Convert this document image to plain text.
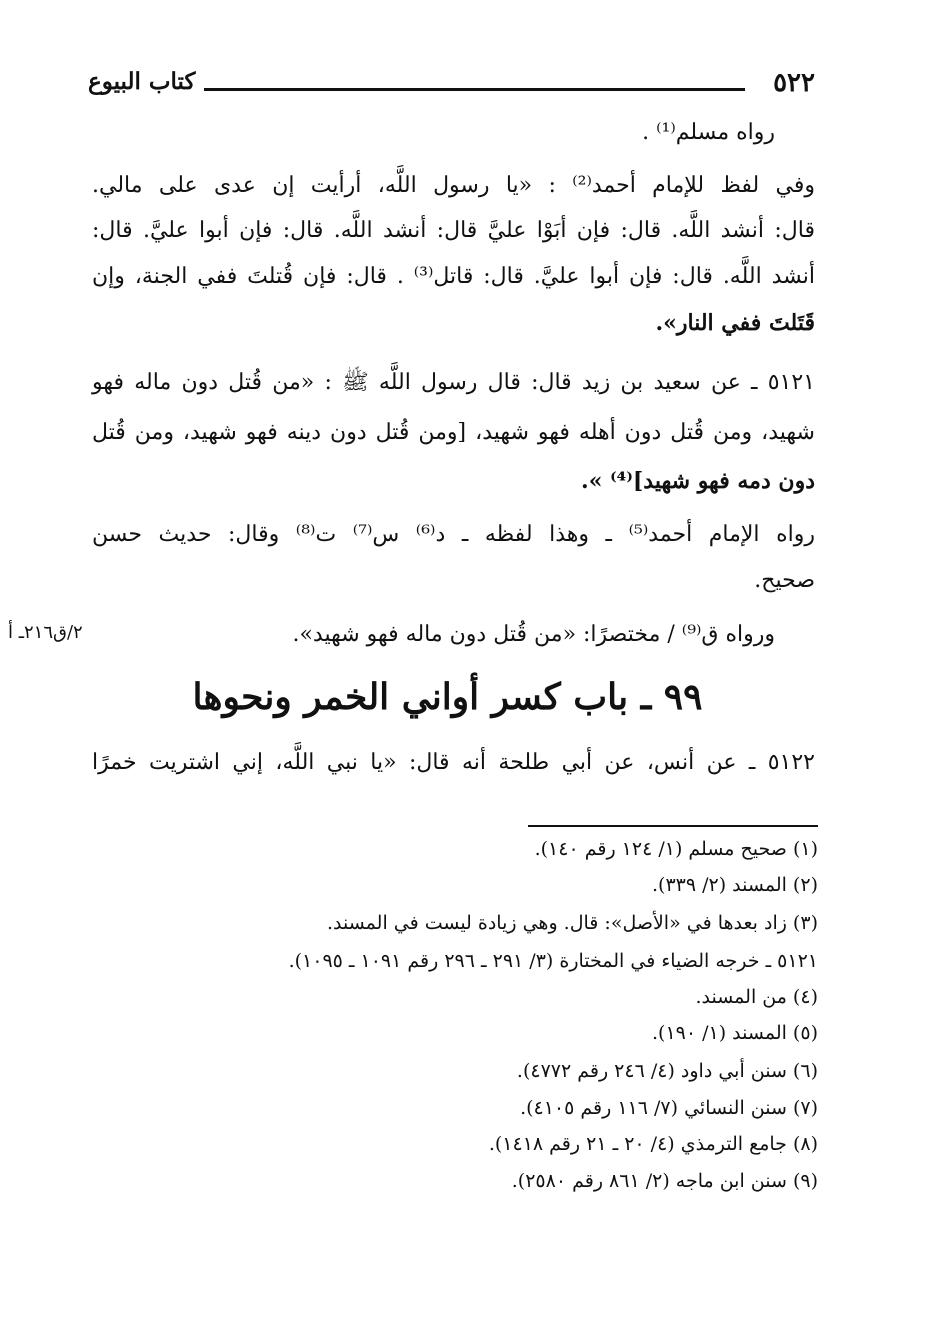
٥٢٢
كتاب البيوع
رواه مسلم⁽¹⁾ .
وفي لفظ للإمام أحمد⁽²⁾ : «يا رسول اللَّه، أرأيت إن عدى على مالي.
قال: أنشد اللَّه. قال: فإن أبَوْا عليَّ قال: أنشد اللَّه. قال: فإن أبوا عليَّ. قال:
أنشد اللَّه. قال: فإن أبوا عليَّ. قال: قاتل⁽³⁾ . قال: فإن قُتلتَ ففي الجنة، وإن
قَتَلتَ ففي النار».
٥١٢١ ـ عن سعيد بن زيد قال: قال رسول اللَّه ﷺ : «من قُتل دون ماله فهو
شهيد، ومن قُتل دون أهله فهو شهيد، [ومن قُتل دون دينه فهو شهيد، ومن قُتل
دون دمه فهو شهيد]⁽⁴⁾ ».
رواه الإمام أحمد⁽⁵⁾ ـ وهذا لفظه ـ د⁽⁶⁾ س⁽⁷⁾ ت⁽⁸⁾ وقال: حديث حسن
صحيح.
ورواه ق⁽⁹⁾ / مختصرًا: «من قُتل دون ماله فهو شهيد».
٢/ق٢١٦ـ أ
٩٩ ـ باب كسر أواني الخمر ونحوها
٥١٢٢ ـ عن أنس، عن أبي طلحة أنه قال: «يا نبي اللَّه، إني اشتريت خمرًا
(١) صحيح مسلم (١/ ١٢٤ رقم ١٤٠).
(٢) المسند (٢/ ٣٣٩).
(٣) زاد بعدها في «الأصل»: قال. وهي زيادة ليست في المسند.
٥١٢١ ـ خرجه الضياء في المختارة (٣/ ٢٩١ ـ ٢٩٦ رقم ١٠٩١ ـ ١٠٩٥).
(٤) من المسند.
(٥) المسند (١/ ١٩٠).
(٦) سنن أبي داود (٤/ ٢٤٦ رقم ٤٧٧٢).
(٧) سنن النسائي (٧/ ١١٦ رقم ٤١٠٥).
(٨) جامع الترمذي (٤/ ٢٠ ـ ٢١ رقم ١٤١٨).
(٩) سنن ابن ماجه (٢/ ٨٦١ رقم ٢٥٨٠).
